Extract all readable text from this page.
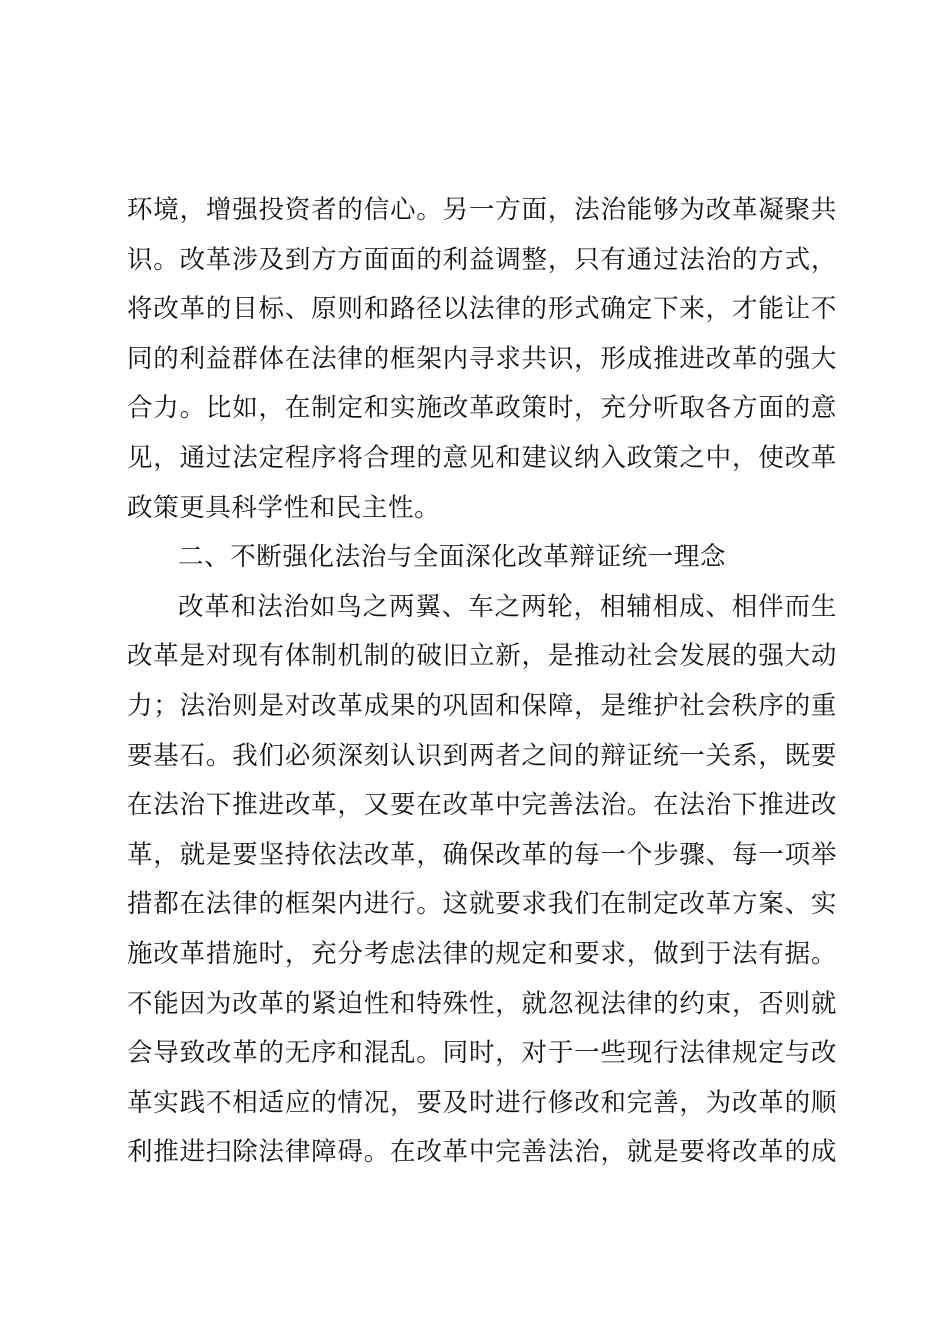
环境，增强投资者的信心。另一方面，法治能够为改革凝聚共
识。改革涉及到方方面面的利益调整，只有通过法治的方式，
将改革的目标、原则和路径以法律的形式确定下来，才能让不
同的利益群体在法律的框架内寻求共识，形成推进改革的强大
合力。比如，在制定和实施改革政策时，充分听取各方面的意
见，通过法定程序将合理的意见和建议纳入政策之中，使改革
政策更具科学性和民主性。
二、不断强化法治与全面深化改革辩证统一理念
改革和法治如鸟之两翼、车之两轮，相辅相成、相伴而生
改革是对现有体制机制的破旧立新，是推动社会发展的强大动
力；法治则是对改革成果的巩固和保障，是维护社会秩序的重
要基石。我们必须深刻认识到两者之间的辩证统一关系，既要
在法治下推进改革，又要在改革中完善法治。在法治下推进改
革，就是要坚持依法改革，确保改革的每一个步骤、每一项举
措都在法律的框架内进行。这就要求我们在制定改革方案、实
施改革措施时，充分考虑法律的规定和要求，做到于法有据。
不能因为改革的紧迫性和特殊性，就忽视法律的约束，否则就
会导致改革的无序和混乱。同时，对于一些现行法律规定与改
革实践不相适应的情况，要及时进行修改和完善，为改革的顺
利推进扫除法律障碍。在改革中完善法治，就是要将改革的成
